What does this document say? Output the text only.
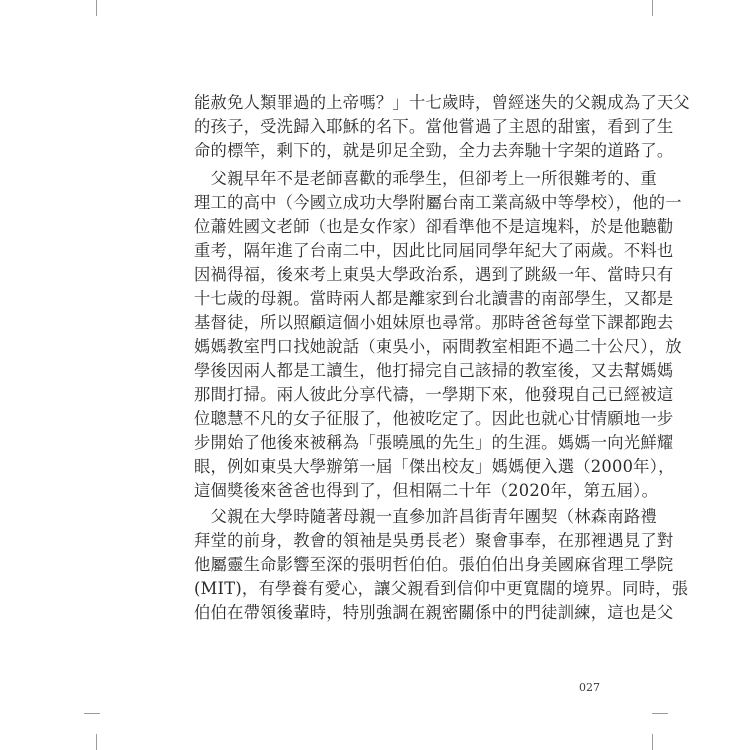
能赦免人類罪過的上帝嗎？」十七歲時，曾經迷失的父親成為了天父
的孩子，受洗歸入耶穌的名下。當他嘗過了主恩的甜蜜，看到了生
命的標竿，剩下的，就是卯足全勁，全力去奔馳十字架的道路了。
　父親早年不是老師喜歡的乖學生，但卻考上一所很難考的、重
理工的高中（今國立成功大學附屬台南工業高級中等學校），他的一
位蕭姓國文老師（也是女作家）卻看準他不是這塊料，於是他聽勸
重考，隔年進了台南二中，因此比同屆同學年紀大了兩歲。不料也
因禍得福，後來考上東吳大學政治系，遇到了跳級一年、當時只有
十七歲的母親。當時兩人都是離家到台北讀書的南部學生，又都是
基督徒，所以照顧這個小姐妹原也尋常。那時爸爸每堂下課都跑去
媽媽教室門口找她說話（東吳小，兩間教室相距不過二十公尺），放
學後因兩人都是工讀生，他打掃完自己該掃的教室後，又去幫媽媽
那間打掃。兩人彼此分享代禱，一學期下來，他發現自己已經被這
位聰慧不凡的女子征服了，他被吃定了。因此也就心甘情願地一步
步開始了他後來被稱為「張曉風的先生」的生涯。媽媽一向光鮮耀
眼，例如東吳大學辦第一屆「傑出校友」媽媽便入選（2000年），
這個獎後來爸爸也得到了，但相隔二十年（2020年，第五屆）。
　父親在大學時隨著母親一直參加許昌街青年團契（林森南路禮
拜堂的前身，教會的領袖是吳勇長老）聚會事奉，在那裡遇見了對
他屬靈生命影響至深的張明哲伯伯。張伯伯出身美國麻省理工學院
(MIT)，有學養有愛心，讓父親看到信仰中更寬闊的境界。同時，張
伯伯在帶領後輩時，特別強調在親密關係中的門徒訓練，這也是父
027
